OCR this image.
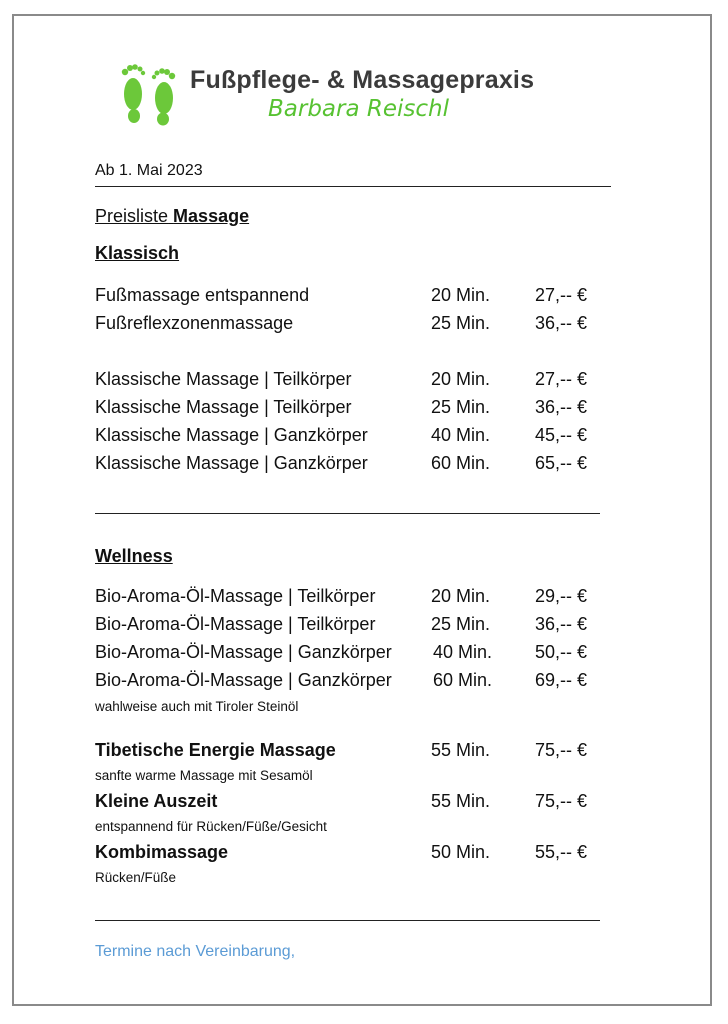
Fußpflege- & Massagepraxis
Barbara Reischl
Ab 1. Mai 2023
Preisliste Massage
Klassisch
Fußmassage entspannend	20 Min. 27,-- €
Fußreflexzonenmassage	25 Min. 36,-- €
Klassische Massage | Teilkörper	20 Min. 27,-- €
Klassische Massage | Teilkörper	25 Min. 36,-- €
Klassische Massage | Ganzkörper	40 Min. 45,-- €
Klassische Massage | Ganzkörper	60 Min. 65,-- €
Wellness
Bio-Aroma-Öl-Massage | Teilkörper	20 Min. 29,-- €
Bio-Aroma-Öl-Massage | Teilkörper	25 Min. 36,-- €
Bio-Aroma-Öl-Massage | Ganzkörper 40 Min. 50,-- €
Bio-Aroma-Öl-Massage | Ganzkörper 60 Min. 69,-- €
wahlweise auch mit Tiroler Steinöl
Tibetische Energie Massage	55 Min. 75,-- €
sanfte warme Massage mit Sesamöl
Kleine Auszeit	55 Min. 75,-- €
entspannend für Rücken/Füße/Gesicht
Kombimassage	50 Min. 55,-- €
Rücken/Füße
Termine nach Vereinbarung,
